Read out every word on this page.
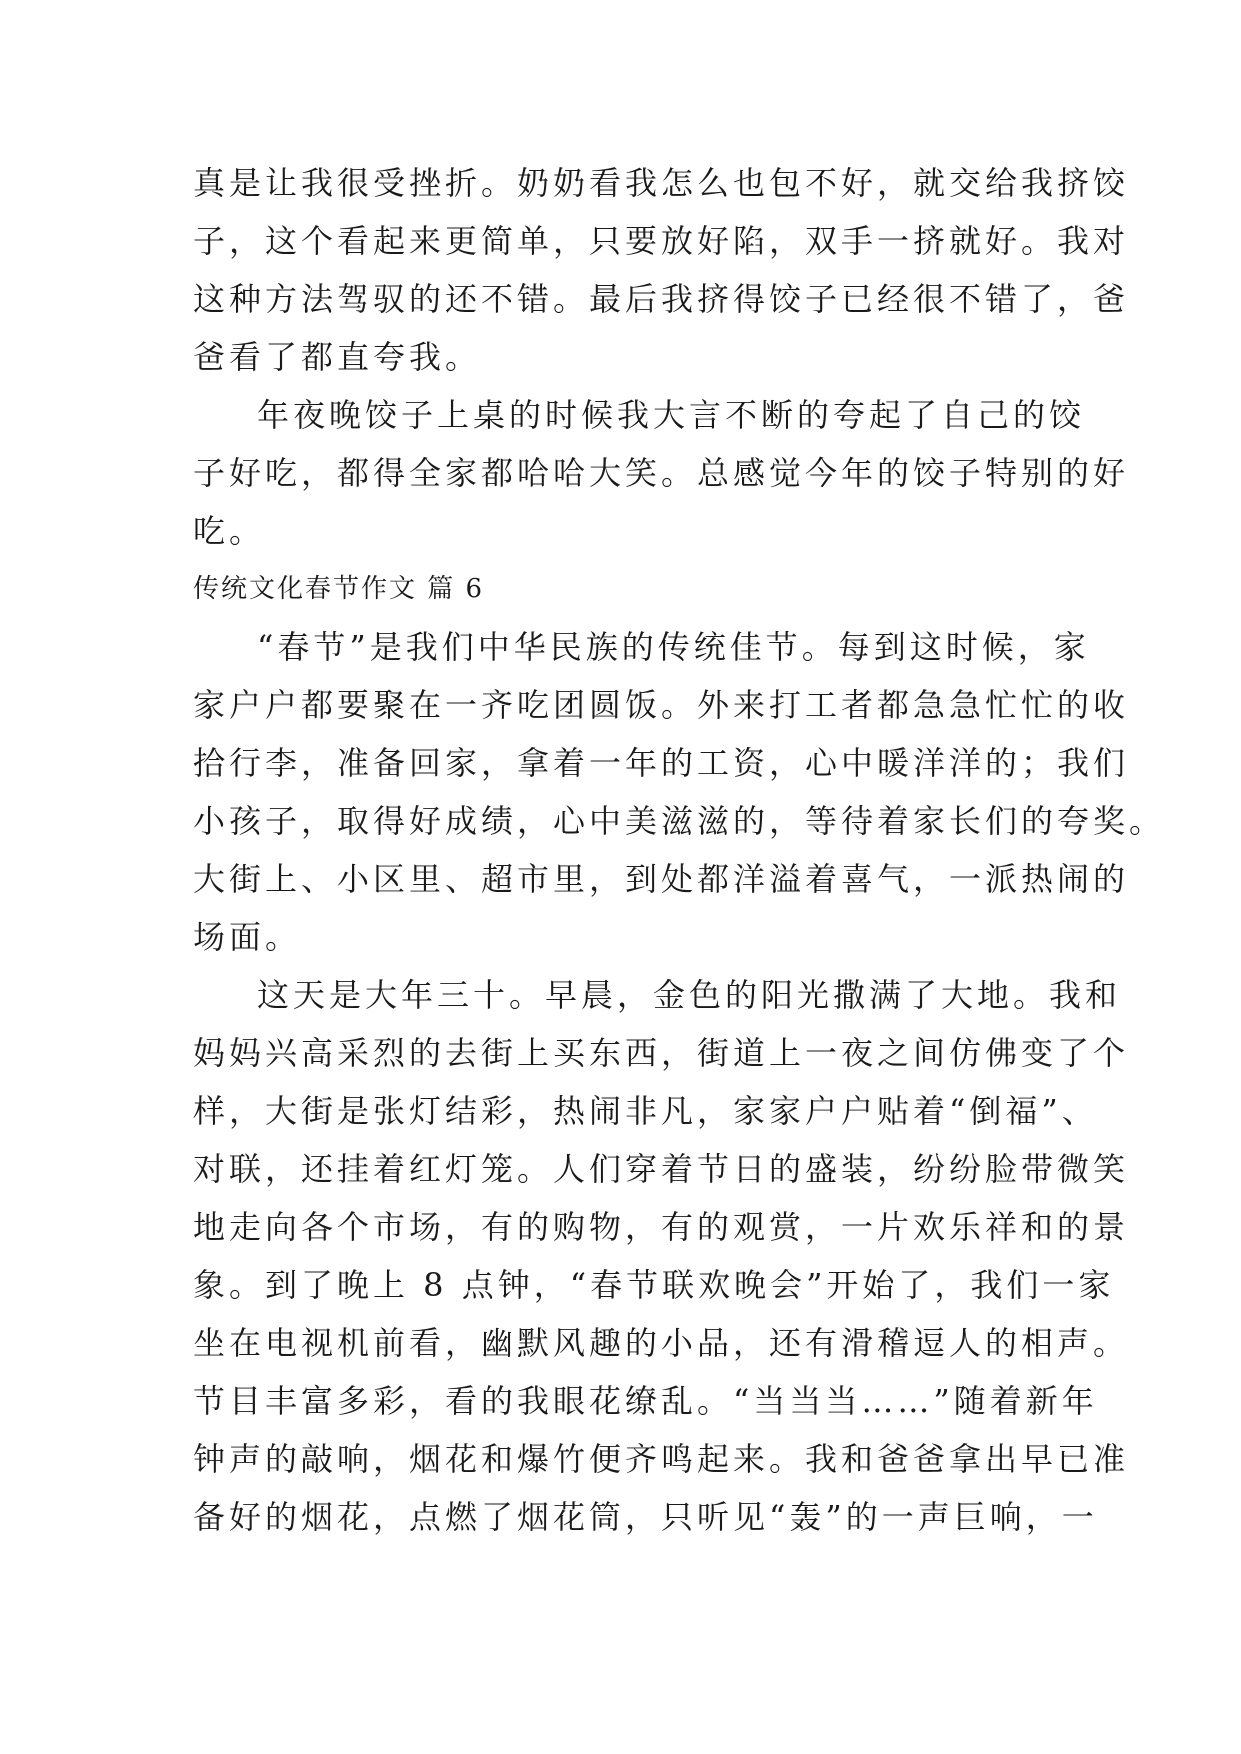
真是让我很受挫折。奶奶看我怎么也包不好，就交给我挤饺
子，这个看起来更简单，只要放好陷，双手一挤就好。我对
这种方法驾驭的还不错。最后我挤得饺子已经很不错了，爸
爸看了都直夸我。
年夜晚饺子上桌的时候我大言不断的夸起了自己的饺
子好吃，都得全家都哈哈大笑。总感觉今年的饺子特别的好
吃。
传统文化春节作文 篇 6
“春节”是我们中华民族的传统佳节。每到这时候，家
家户户都要聚在一齐吃团圆饭。外来打工者都急急忙忙的收
拾行李，准备回家，拿着一年的工资，心中暖洋洋的；我们
小孩子，取得好成绩，心中美滋滋的，等待着家长们的夸奖。
大街上、小区里、超市里，到处都洋溢着喜气，一派热闹的
场面。
这天是大年三十。早晨，金色的阳光撒满了大地。我和
妈妈兴高采烈的去街上买东西，街道上一夜之间仿佛变了个
样，大街是张灯结彩，热闹非凡，家家户户贴着“倒福”、
对联，还挂着红灯笼。人们穿着节日的盛装，纷纷脸带微笑
地走向各个市场，有的购物，有的观赏，一片欢乐祥和的景
象。到了晚上 8 点钟，“春节联欢晚会”开始了，我们一家
坐在电视机前看，幽默风趣的小品，还有滑稽逗人的相声。
节目丰富多彩，看的我眼花缭乱。“当当当……”随着新年
钟声的敲响，烟花和爆竹便齐鸣起来。我和爸爸拿出早已准
备好的烟花，点燃了烟花筒，只听见“轰”的一声巨响，一
